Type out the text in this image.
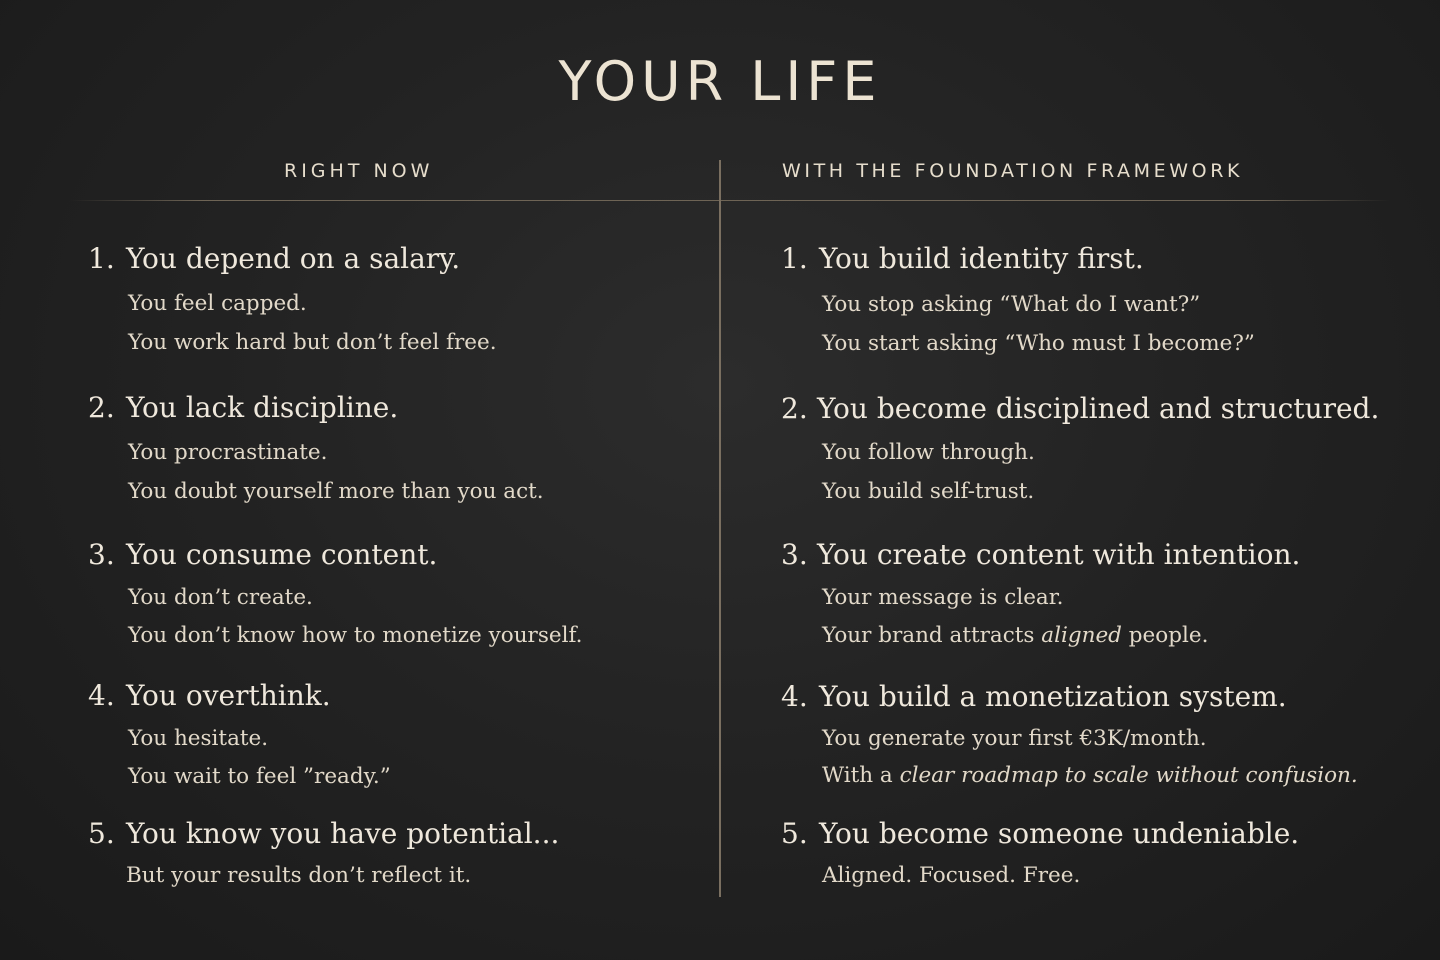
YOUR LIFE
RIGHT NOW	WITH THE FOUNDATION FRAMEWORK
1. You depend on a salary.
You feel capped.
You work hard but don’t feel free.
2. You lack discipline.
You procrastinate.
You doubt yourself more than you act.
3. You consume content.
You don’t create.
You don’t know how to monetize yourself.
4. You overthink.
You hesitate.
You wait to feel ”ready.”
5. You know you have potential...
But your results don’t reflect it.
1. You build identity first.
You stop asking “What do I want?”
You start asking “Who must I become?”
2. You become disciplined and structured.
You follow through.
You build self-trust.
3. You create content with intention.
Your message is clear.
Your brand attracts aligned people.
4. You build a monetization system.
You generate your first €3K/month.
With a clear roadmap to scale without confusion.
5. You become someone undeniable.
Aligned. Focused. Free.
